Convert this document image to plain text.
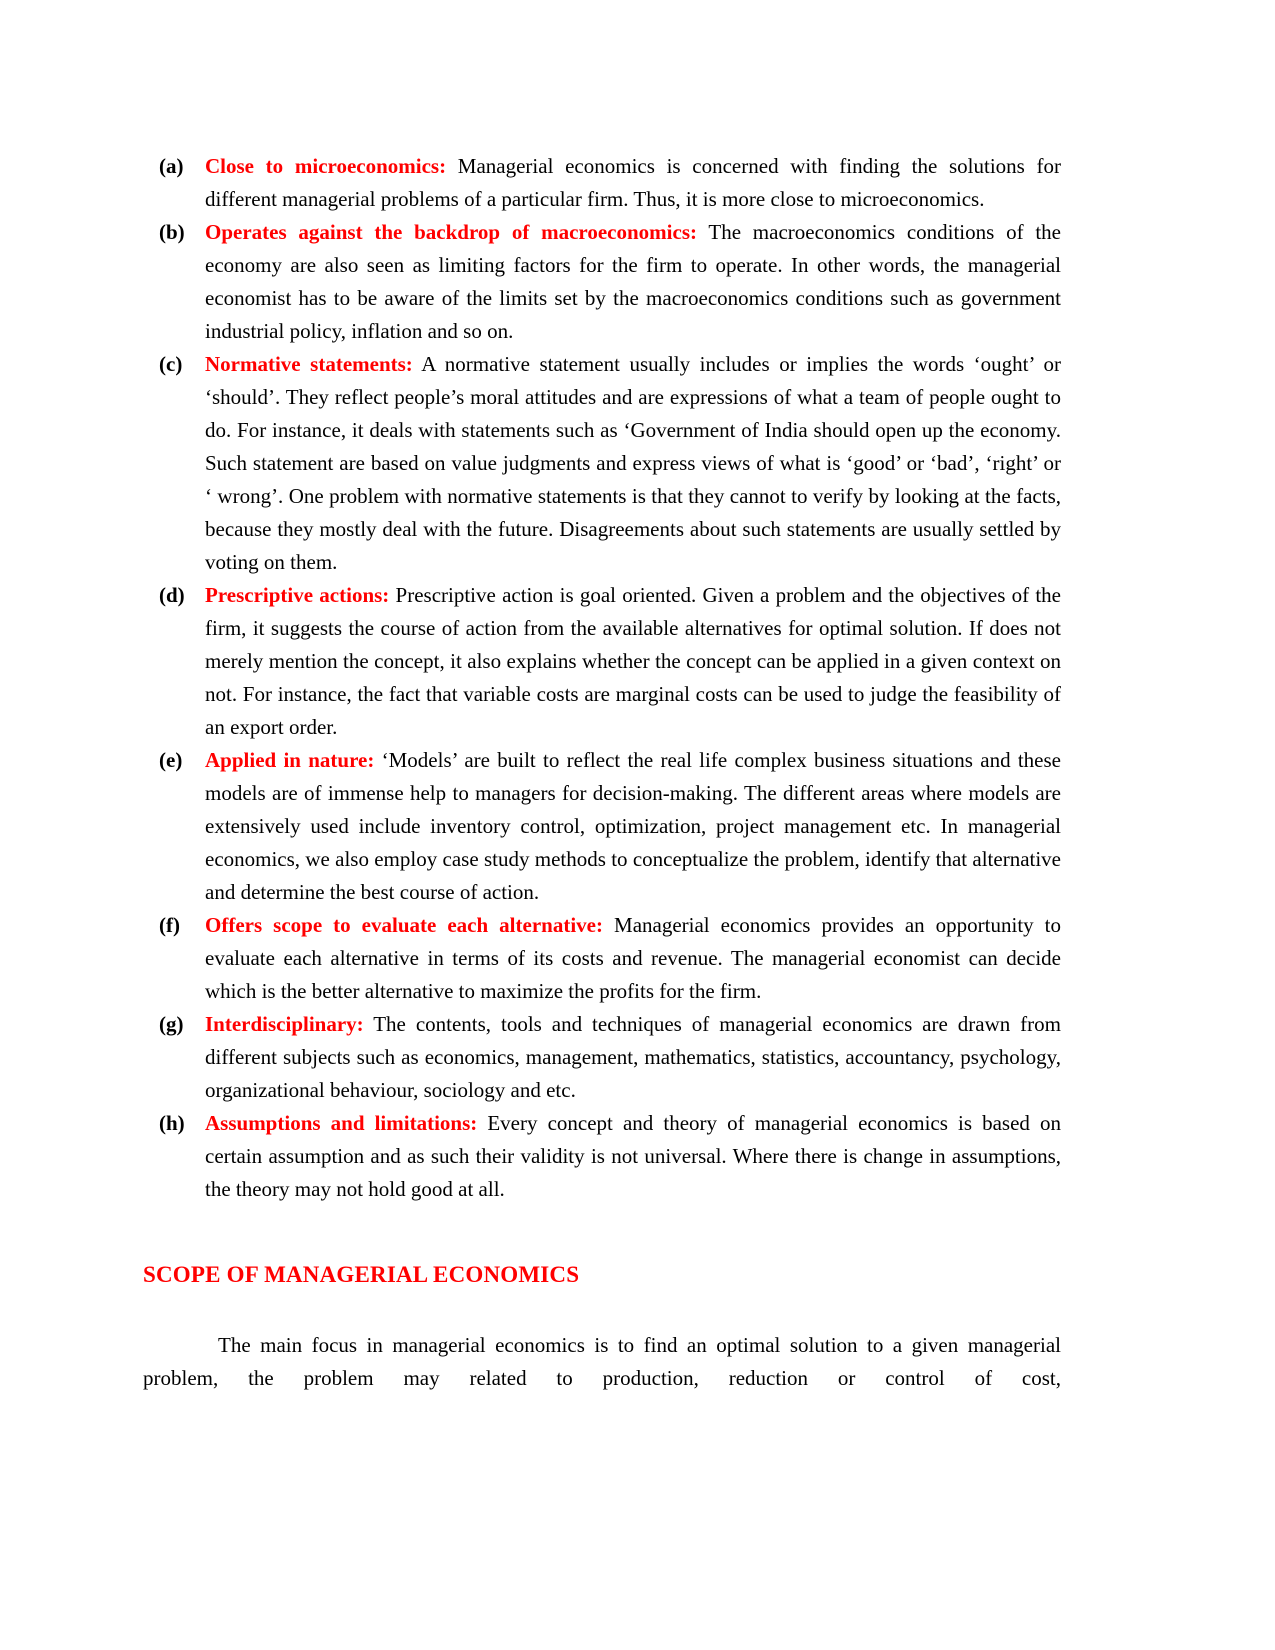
(a)	Close to microeconomics: Managerial economics is concerned with finding the solutions for different managerial problems of a particular firm. Thus, it is more close to microeconomics.
(b) Operates against the backdrop of macroeconomics: The macroeconomics conditions of the economy are also seen as limiting factors for the firm to operate. In other words, the managerial economist has to be aware of the limits set by the macroeconomics conditions such as government industrial policy, inflation and so on.
(c)	Normative statements: A normative statement usually includes or implies the words ‘ought’ or ‘should’. They reflect people’s moral attitudes and are expressions of what a team of people ought to do. For instance, it deals with statements such as ‘Government of India should open up the economy. Such statement are based on value judgments and express views of what is ‘good’ or ‘bad’, ‘right’ or ‘ wrong’. One problem with normative statements is that they cannot to verify by looking at the facts, because they mostly deal with the future. Disagreements about such statements are usually settled by voting on them.
(d) Prescriptive actions: Prescriptive action is goal oriented. Given a problem and the objectives of the firm, it suggests the course of action from the available alternatives for optimal solution. If does not merely mention the concept, it also explains whether the concept can be applied in a given context on not. For instance, the fact that variable costs are marginal costs can be used to judge the feasibility of an export order.
(e)	Applied in nature: ‘Models’ are built to reflect the real life complex business situations and these models are of immense help to managers for decision-making. The different areas where models are extensively used include inventory control, optimization, project management etc. In managerial economics, we also employ case study methods to conceptualize the problem, identify that alternative and determine the best course of action.
(f)	Offers scope to evaluate each alternative: Managerial economics provides an opportunity to evaluate each alternative in terms of its costs and revenue. The managerial economist can decide which is the better alternative to maximize the profits for the firm.
(g)	Interdisciplinary: The contents, tools and techniques of managerial economics are drawn from different subjects such as economics, management, mathematics, statistics, accountancy, psychology, organizational behaviour, sociology and etc.
(h) Assumptions and limitations: Every concept and theory of managerial economics is based on certain assumption and as such their validity is not universal. Where there is change in assumptions, the theory may not hold good at all.
SCOPE OF MANAGERIAL ECONOMICS

The main focus in managerial economics is to find an optimal solution to a given managerial problem, the problem may related to production, reduction or control of cost,
